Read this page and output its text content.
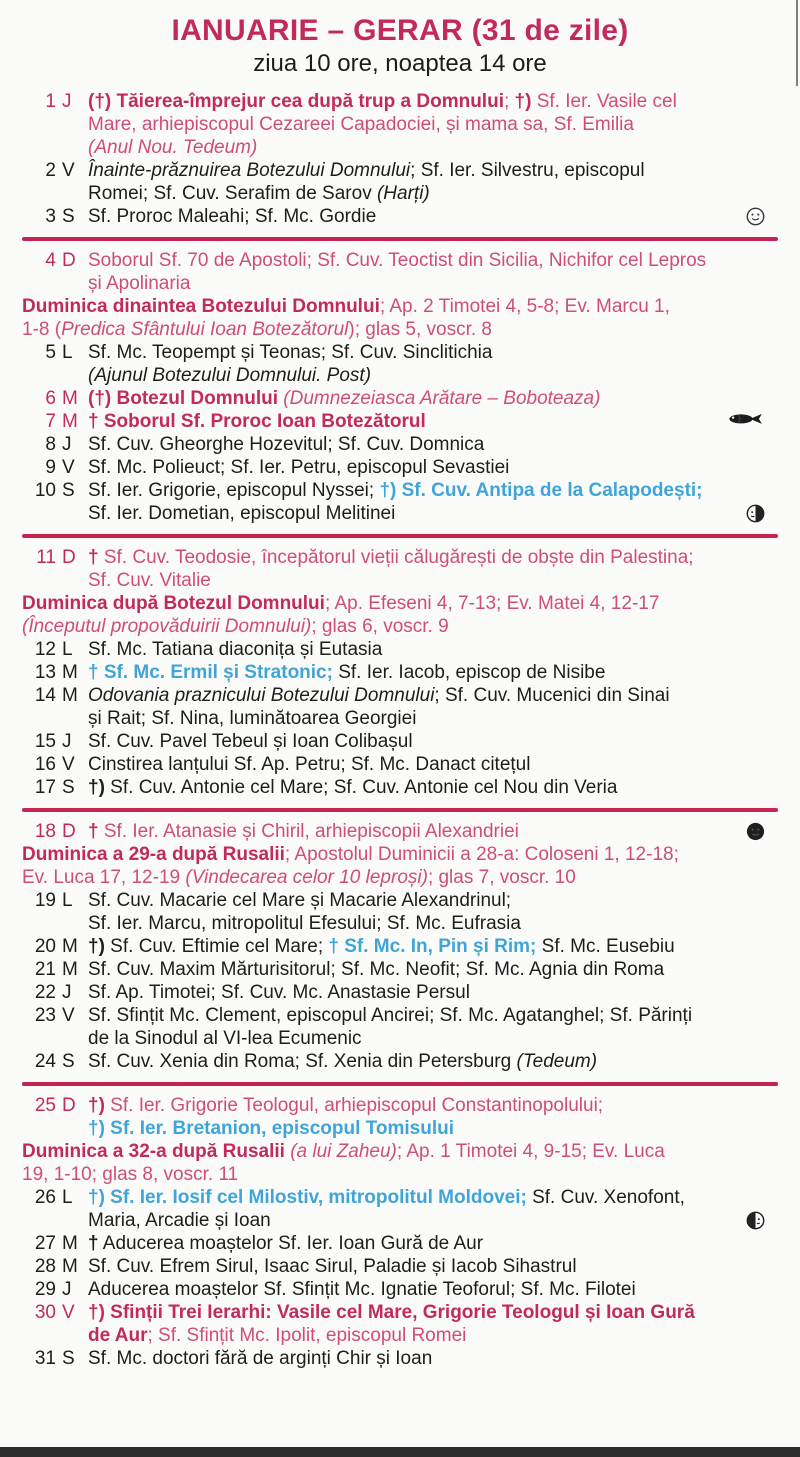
IANUARIE – GERAR (31 de zile)
ziua 10 ore, noaptea 14 ore
1 J (†) Tăierea-împrejur cea după trup a Domnului; †) Sf. Ier. Vasile cel
Mare, arhiepiscopul Cezareei Capadociei, și mama sa, Sf. Emilia
(Anul Nou. Tedeum)
2 V Înainte-prăznuirea Botezului Domnului; Sf. Ier. Silvestru, episcopul
Romei; Sf. Cuv. Serafim de Sarov (Harți)
3 S Sf. Proroc Maleahi; Sf. Mc. Gordie
4 D Soborul Sf. 70 de Apostoli; Sf. Cuv. Teoctist din Sicilia, Nichifor cel Lepros
și Apolinaria
Duminica dinaintea Botezului Domnului; Ap. 2 Timotei 4, 5-8; Ev. Marcu 1,
1-8 (Predica Sfântului Ioan Botezătorul); glas 5, voscr. 8
5 L Sf. Mc. Teopempt și Teonas; Sf. Cuv. Sinclitichia
(Ajunul Botezului Domnului. Post)
6 M (†) Botezul Domnului (Dumnezeiasca Arătare – Boboteaza)
7 M † Soborul Sf. Proroc Ioan Botezătorul
8 J Sf. Cuv. Gheorghe Hozevitul; Sf. Cuv. Domnica
9 V Sf. Mc. Polieuct; Sf. Ier. Petru, episcopul Sevastiei
10 S Sf. Ier. Grigorie, episcopul Nyssei; †) Sf. Cuv. Antipa de la Calapodești;
Sf. Ier. Dometian, episcopul Melitinei
11 D † Sf. Cuv. Teodosie, începătorul vieții călugărești de obște din Palestina;
Sf. Cuv. Vitalie
Duminica după Botezul Domnului; Ap. Efeseni 4, 7-13; Ev. Matei 4, 12-17
(Începutul propovăduirii Domnului); glas 6, voscr. 9
12 L Sf. Mc. Tatiana diaconița și Eutasia
13 M † Sf. Mc. Ermil și Stratonic; Sf. Ier. Iacob, episcop de Nisibe
14 M Odovania praznicului Botezului Domnului; Sf. Cuv. Mucenici din Sinai
și Rait; Sf. Nina, luminătoarea Georgiei
15 J Sf. Cuv. Pavel Tebeul și Ioan Colibașul
16 V Cinstirea lanțului Sf. Ap. Petru; Sf. Mc. Danact citețul
17 S †) Sf. Cuv. Antonie cel Mare; Sf. Cuv. Antonie cel Nou din Veria
18 D † Sf. Ier. Atanasie și Chiril, arhiepiscopii Alexandriei
Duminica a 29-a după Rusalii; Apostolul Duminicii a 28-a: Coloseni 1, 12-18;
Ev. Luca 17, 12-19 (Vindecarea celor 10 leproși); glas 7, voscr. 10
19 L Sf. Cuv. Macarie cel Mare și Macarie Alexandrinul;
Sf. Ier. Marcu, mitropolitul Efesului; Sf. Mc. Eufrasia
20 M †) Sf. Cuv. Eftimie cel Mare; † Sf. Mc. In, Pin și Rim; Sf. Mc. Eusebiu
21 M Sf. Cuv. Maxim Mărturisitorul; Sf. Mc. Neofit; Sf. Mc. Agnia din Roma
22 J Sf. Ap. Timotei; Sf. Cuv. Mc. Anastasie Persul
23 V Sf. Sfințit Mc. Clement, episcopul Ancirei; Sf. Mc. Agatanghel; Sf. Părinți
de la Sinodul al VI-lea Ecumenic
24 S Sf. Cuv. Xenia din Roma; Sf. Xenia din Petersburg (Tedeum)
25 D †) Sf. Ier. Grigorie Teologul, arhiepiscopul Constantinopolului;
†) Sf. Ier. Bretanion, episcopul Tomisului
Duminica a 32-a după Rusalii (a lui Zaheu); Ap. 1 Timotei 4, 9-15; Ev. Luca
19, 1-10; glas 8, voscr. 11
26 L †) Sf. Ier. Iosif cel Milostiv, mitropolitul Moldovei; Sf. Cuv. Xenofont,
Maria, Arcadie și Ioan
27 M † Aducerea moaștelor Sf. Ier. Ioan Gură de Aur
28 M Sf. Cuv. Efrem Sirul, Isaac Sirul, Paladie și Iacob Sihastrul
29 J Aducerea moaștelor Sf. Sfințit Mc. Ignatie Teoforul; Sf. Mc. Filotei
30 V †) Sfinții Trei Ierarhi: Vasile cel Mare, Grigorie Teologul și Ioan Gură
de Aur; Sf. Sfințit Mc. Ipolit, episcopul Romei
31 S Sf. Mc. doctori fără de arginți Chir și Ioan
